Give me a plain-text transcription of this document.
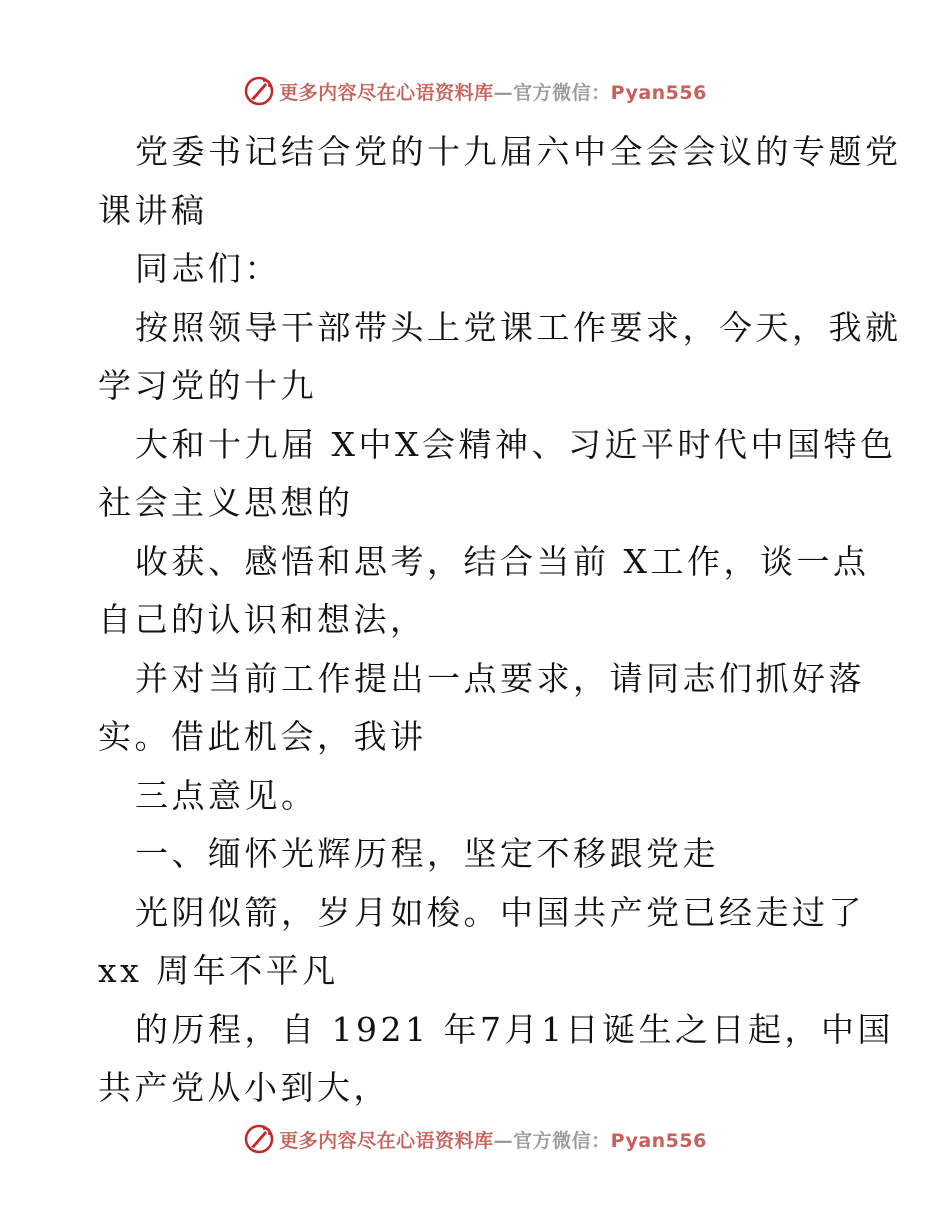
更多内容尽在心语资料库—官方微信：Pyan556
党委书记结合党的十九届六中全会会议的专题党
课讲稿
同志们：
按照领导干部带头上党课工作要求，今天，我就
学习党的十九
大和十九届 X中X会精神、习近平时代中国特色
社会主义思想的
收获、感悟和思考，结合当前 X工作，谈一点
自己的认识和想法，
并对当前工作提出一点要求，请同志们抓好落
实。借此机会，我讲
三点意见。
一、缅怀光辉历程，坚定不移跟党走
光阴似箭，岁月如梭。中国共产党已经走过了
xx 周年不平凡
的历程，自 1921 年7月1日诞生之日起，中国
共产党从小到大，
更多内容尽在心语资料库—官方微信：Pyan556
